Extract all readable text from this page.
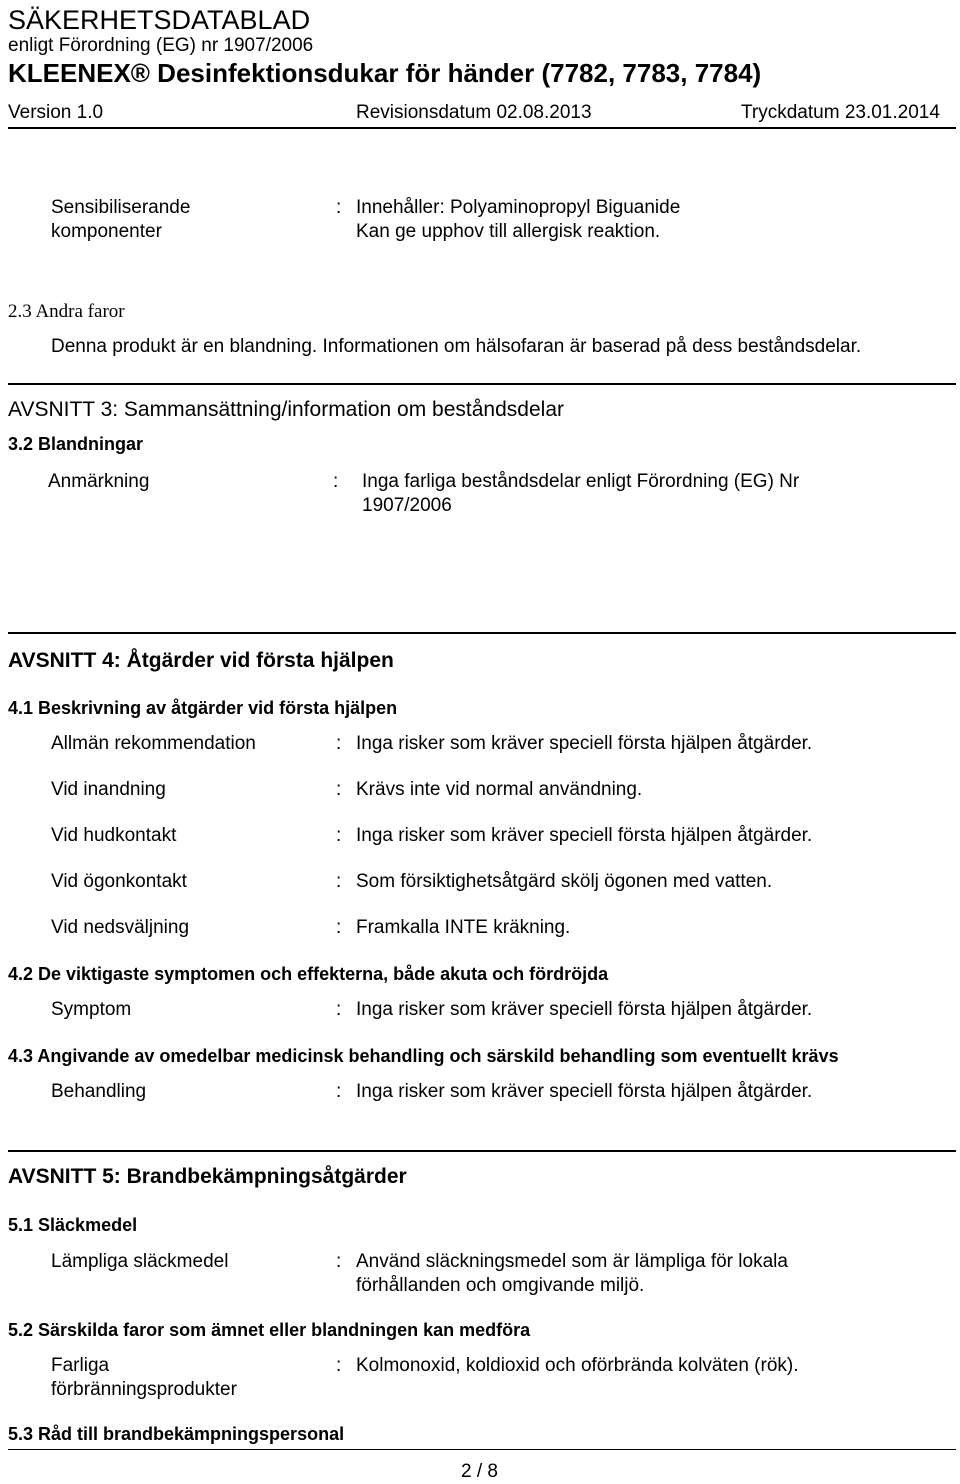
SÄKERHETSDATABLAD
enligt Förordning (EG) nr 1907/2006
KLEENEX® Desinfektionsdukar för händer (7782, 7783, 7784)
Version 1.0	Revisionsdatum 02.08.2013	Tryckdatum 23.01.2014
Sensibiliserande
komponenter
: Innehåller: Polyaminopropyl Biguanide
Kan ge upphov till allergisk reaktion.
2.3 Andra faror
Denna produkt är en blandning. Informationen om hälsofaran är baserad på dess beståndsdelar.
AVSNITT 3: Sammansättning/information om beståndsdelar
3.2 Blandningar
Anmärkning	: Inga farliga beståndsdelar enligt Förordning (EG) Nr
1907/2006
AVSNITT 4: Åtgärder vid första hjälpen
4.1 Beskrivning av åtgärder vid första hjälpen
Allmän rekommendation	: Inga risker som kräver speciell första hjälpen åtgärder.
Vid inandning	: Krävs inte vid normal användning.
Vid hudkontakt	: Inga risker som kräver speciell första hjälpen åtgärder.
Vid ögonkontakt	: Som försiktighetsåtgärd skölj ögonen med vatten.
Vid nedsväljning	: Framkalla INTE kräkning.
4.2 De viktigaste symptomen och effekterna, både akuta och fördröjda
Symptom	: Inga risker som kräver speciell första hjälpen åtgärder.
4.3 Angivande av omedelbar medicinsk behandling och särskild behandling som eventuellt krävs
Behandling	: Inga risker som kräver speciell första hjälpen åtgärder.
AVSNITT 5: Brandbekämpningsåtgärder
5.1 Släckmedel
Lämpliga släckmedel	: Använd släckningsmedel som är lämpliga för lokala
förhållanden och omgivande miljö.
5.2 Särskilda faror som ämnet eller blandningen kan medföra
Farliga
förbränningsprodukter
: Kolmonoxid, koldioxid och oförbrända kolväten (rök).
5.3 Råd till brandbekämpningspersonal
2 / 8
